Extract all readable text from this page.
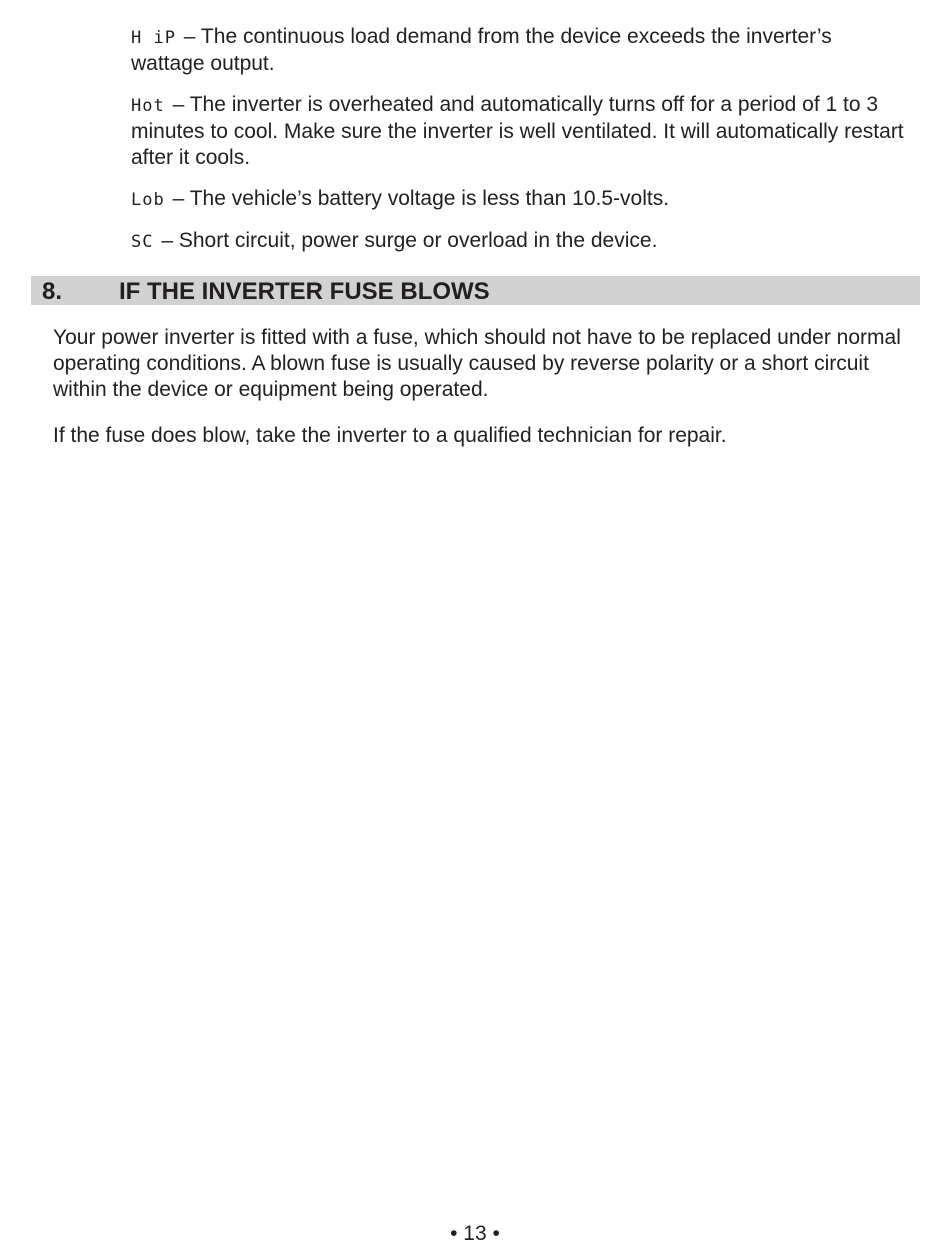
H iP – The continuous load demand from the device exceeds the inverter’s wattage output.

Hot – The inverter is overheated and automatically turns off for a period of 1 to 3 minutes to cool. Make sure the inverter is well ventilated. It will automatically restart after it cools.

Lob – The vehicle’s battery voltage is less than 10.5-volts.

SC – Short circuit, power surge or overload in the device.

8. IF THE INVERTER FUSE BLOWS

Your power inverter is fitted with a fuse, which should not have to be replaced under normal operating conditions. A blown fuse is usually caused by reverse polarity or a short circuit within the device or equipment being operated.

If the fuse does blow, take the inverter to a qualified technician for repair.

• 13 •
